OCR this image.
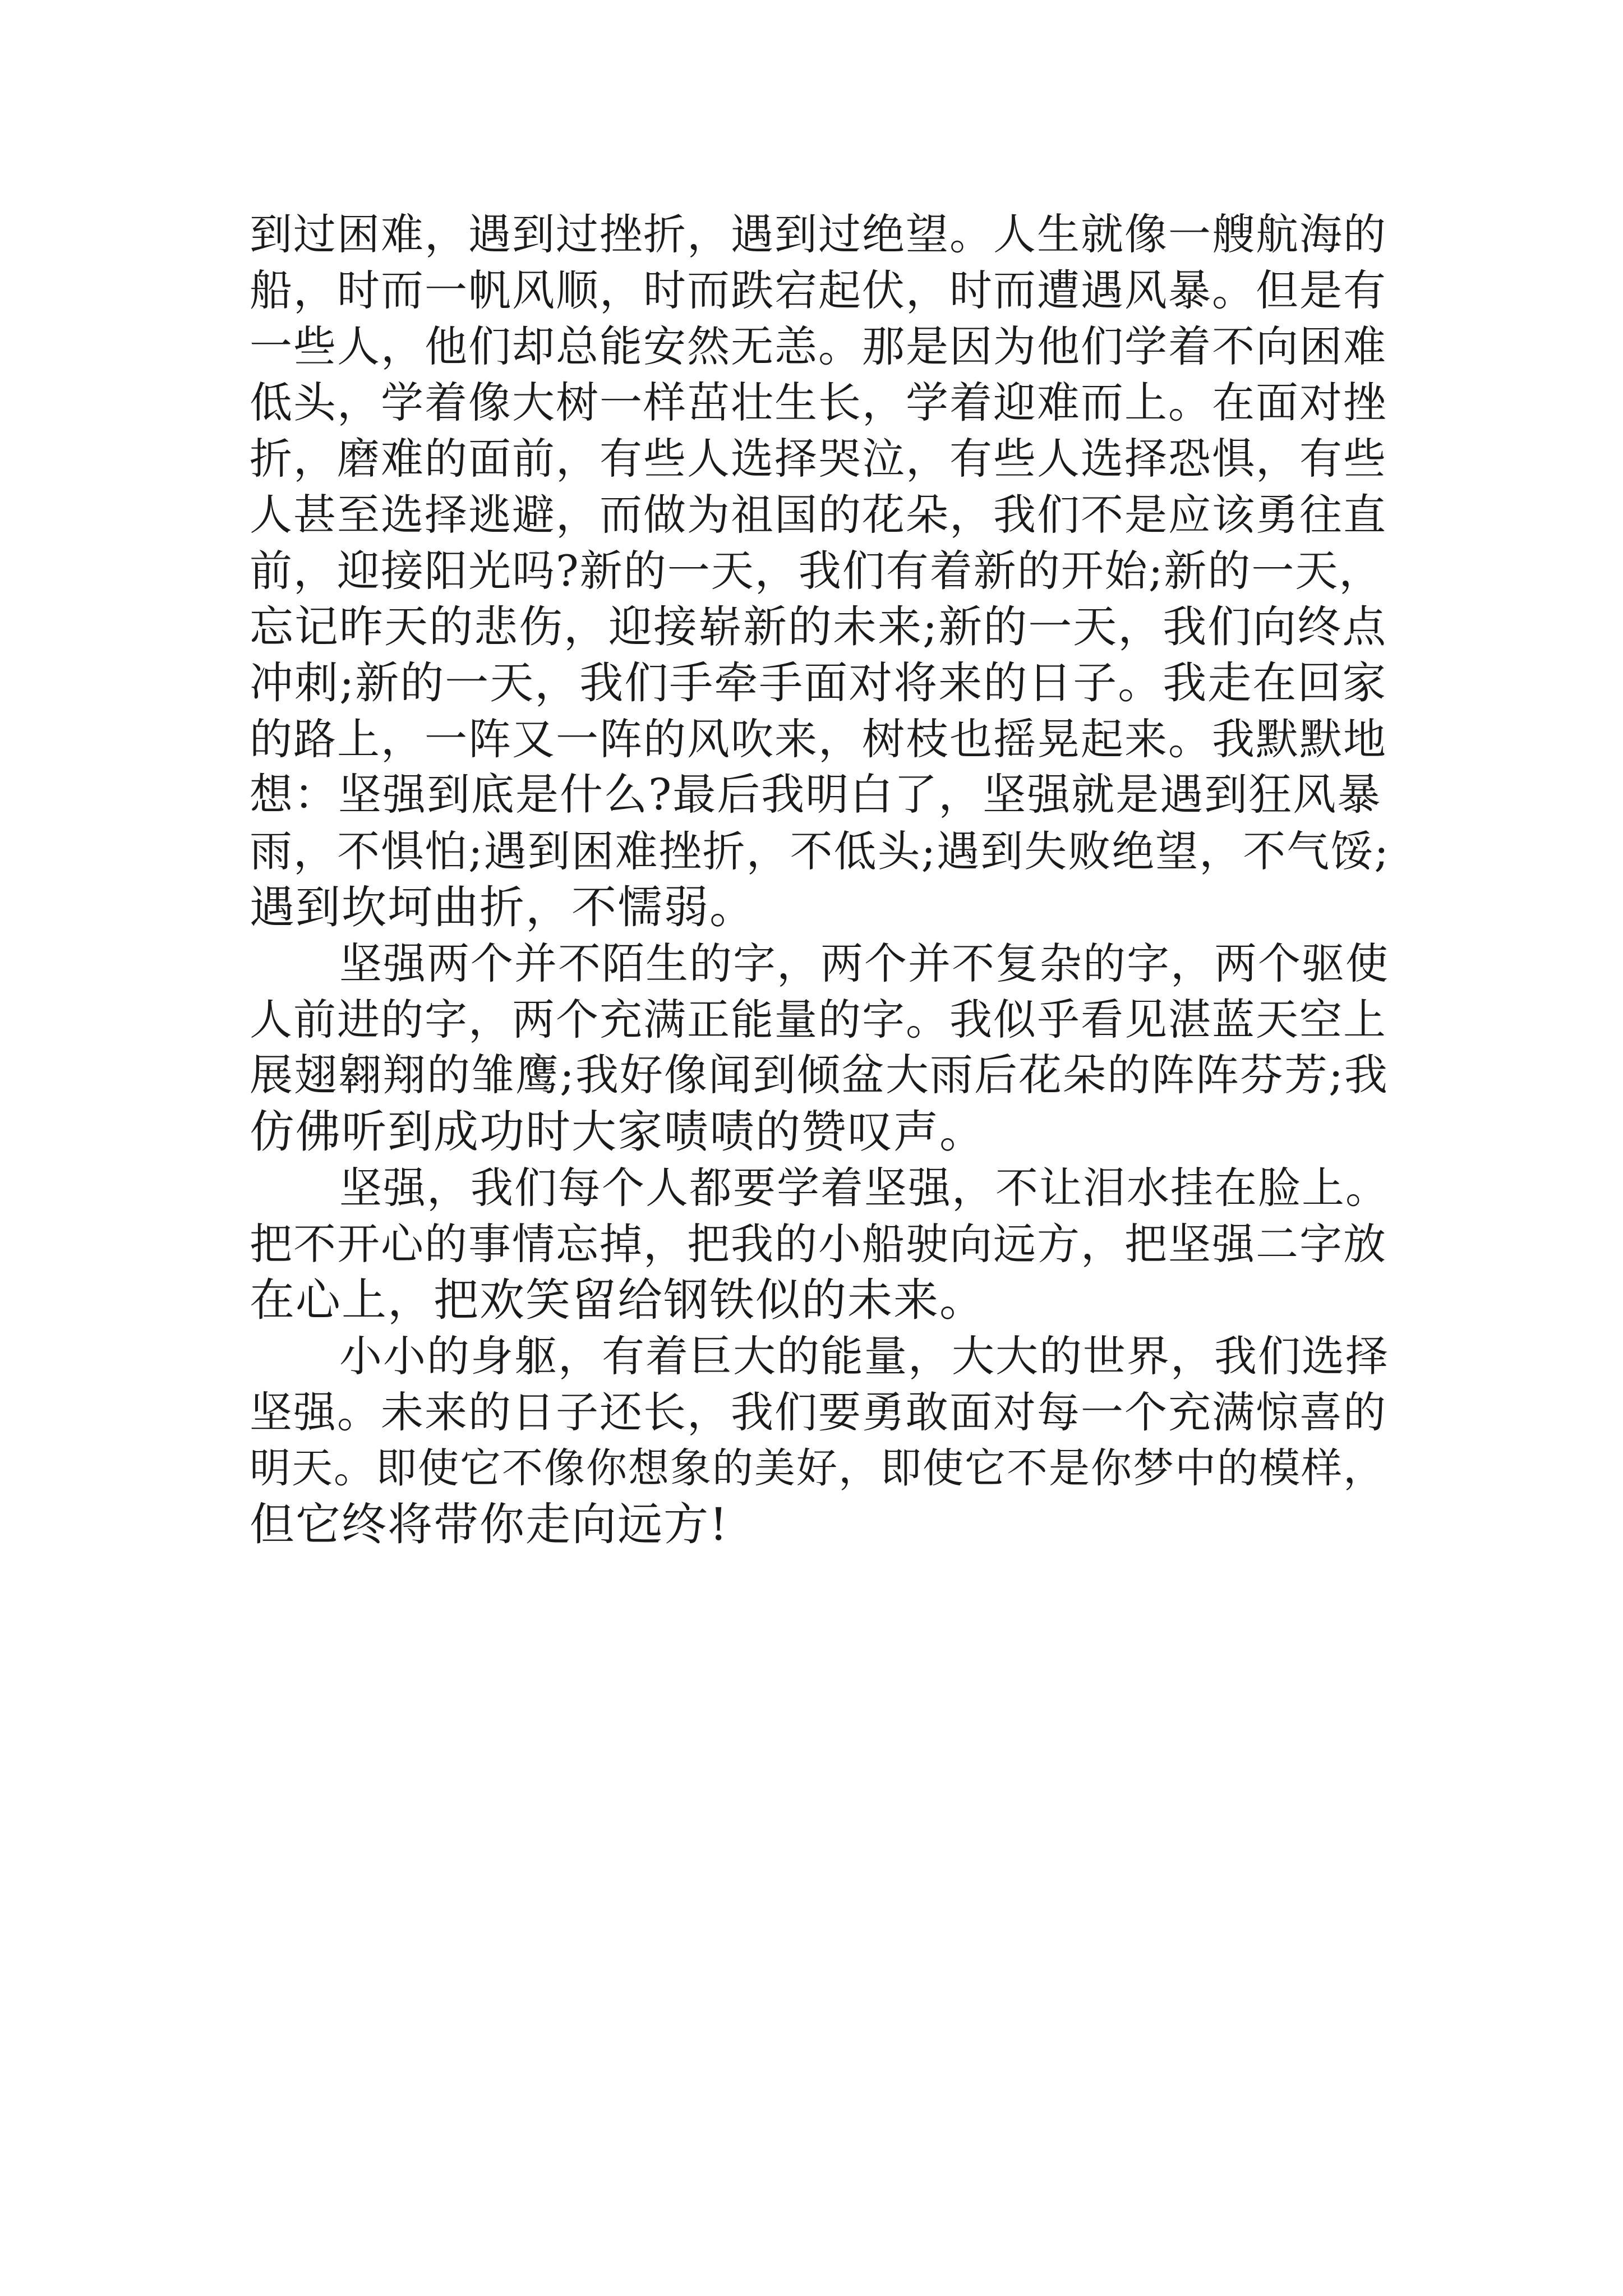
到过困难，遇到过挫折，遇到过绝望。人生就像一艘航海的
船，时而一帆风顺，时而跌宕起伏，时而遭遇风暴。但是有
一些人，他们却总能安然无恙。那是因为他们学着不向困难
低头，学着像大树一样茁壮生长，学着迎难而上。在面对挫
折，磨难的面前，有些人选择哭泣，有些人选择恐惧，有些
人甚至选择逃避，而做为祖国的花朵，我们不是应该勇往直
前，迎接阳光吗?新的一天，我们有着新的开始;新的一天，
忘记昨天的悲伤，迎接崭新的未来;新的一天，我们向终点
冲刺;新的一天，我们手牵手面对将来的日子。我走在回家
的路上，一阵又一阵的风吹来，树枝也摇晃起来。我默默地
想：坚强到底是什么?最后我明白了，坚强就是遇到狂风暴
雨，不惧怕;遇到困难挫折，不低头;遇到失败绝望，不气馁;
遇到坎坷曲折，不懦弱。
坚强两个并不陌生的字，两个并不复杂的字，两个驱使
人前进的字，两个充满正能量的字。我似乎看见湛蓝天空上
展翅翱翔的雏鹰;我好像闻到倾盆大雨后花朵的阵阵芬芳;我
仿佛听到成功时大家啧啧的赞叹声。
坚强，我们每个人都要学着坚强，不让泪水挂在脸上。
把不开心的事情忘掉，把我的小船驶向远方，把坚强二字放
在心上，把欢笑留给钢铁似的未来。
小小的身躯，有着巨大的能量，大大的世界，我们选择
坚强。未来的日子还长，我们要勇敢面对每一个充满惊喜的
明天。即使它不像你想象的美好，即使它不是你梦中的模样，
但它终将带你走向远方!
